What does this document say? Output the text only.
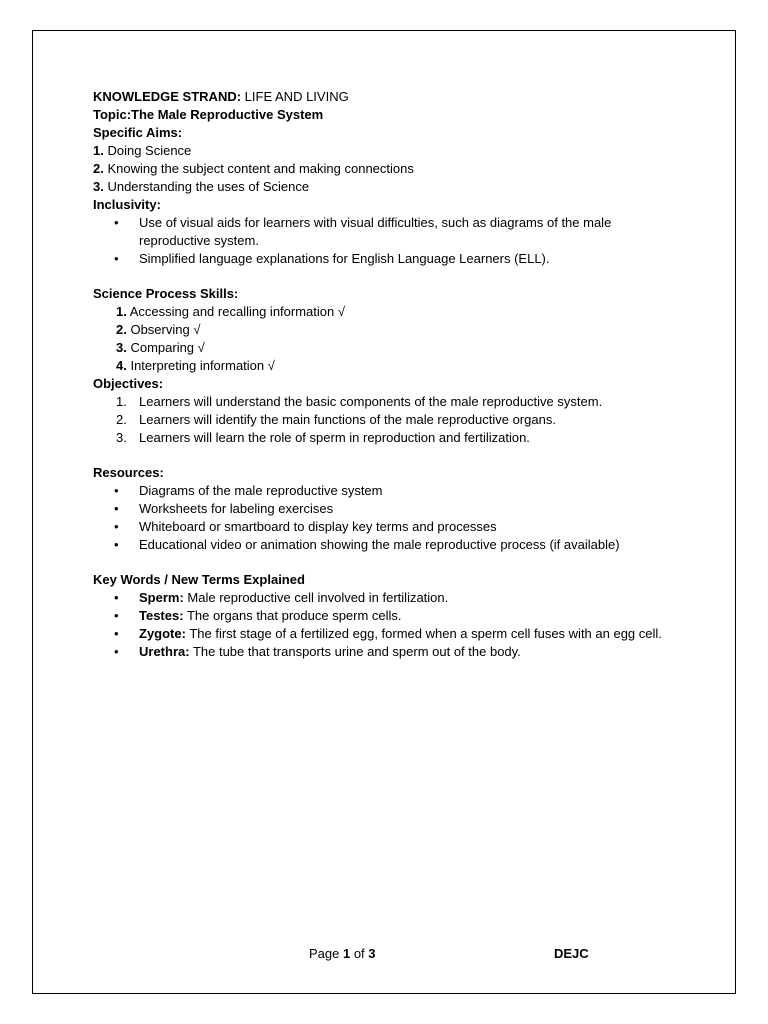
KNOWLEDGE STRAND: LIFE AND LIVING

Topic:The Male Reproductive System

Specific Aims:

1. Doing Science

2. Knowing the subject content and making connections

3. Understanding the uses of Science

Inclusivity:

• Use of visual aids for learners with visual difficulties, such as diagrams of the male reproductive system.
• Simplified language explanations for English Language Learners (ELL).

Science Process Skills:

1. Accessing and recalling information √

2. Observing √

3. Comparing √

4. Interpreting information √

Objectives:

1. Learners will understand the basic components of the male reproductive system.
2. Learners will identify the main functions of the male reproductive organs.
3. Learners will learn the role of sperm in reproduction and fertilization.

Resources:

• Diagrams of the male reproductive system
• Worksheets for labeling exercises
• Whiteboard or smartboard to display key terms and processes
• Educational video or animation showing the male reproductive process (if available)

Key Words / New Terms Explained

• Sperm: Male reproductive cell involved in fertilization.
• Testes: The organs that produce sperm cells.
• Zygote: The first stage of a fertilized egg, formed when a sperm cell fuses with an egg cell.
• Urethra: The tube that transports urine and sperm out of the body.
Page 1 of 3	DEJC
